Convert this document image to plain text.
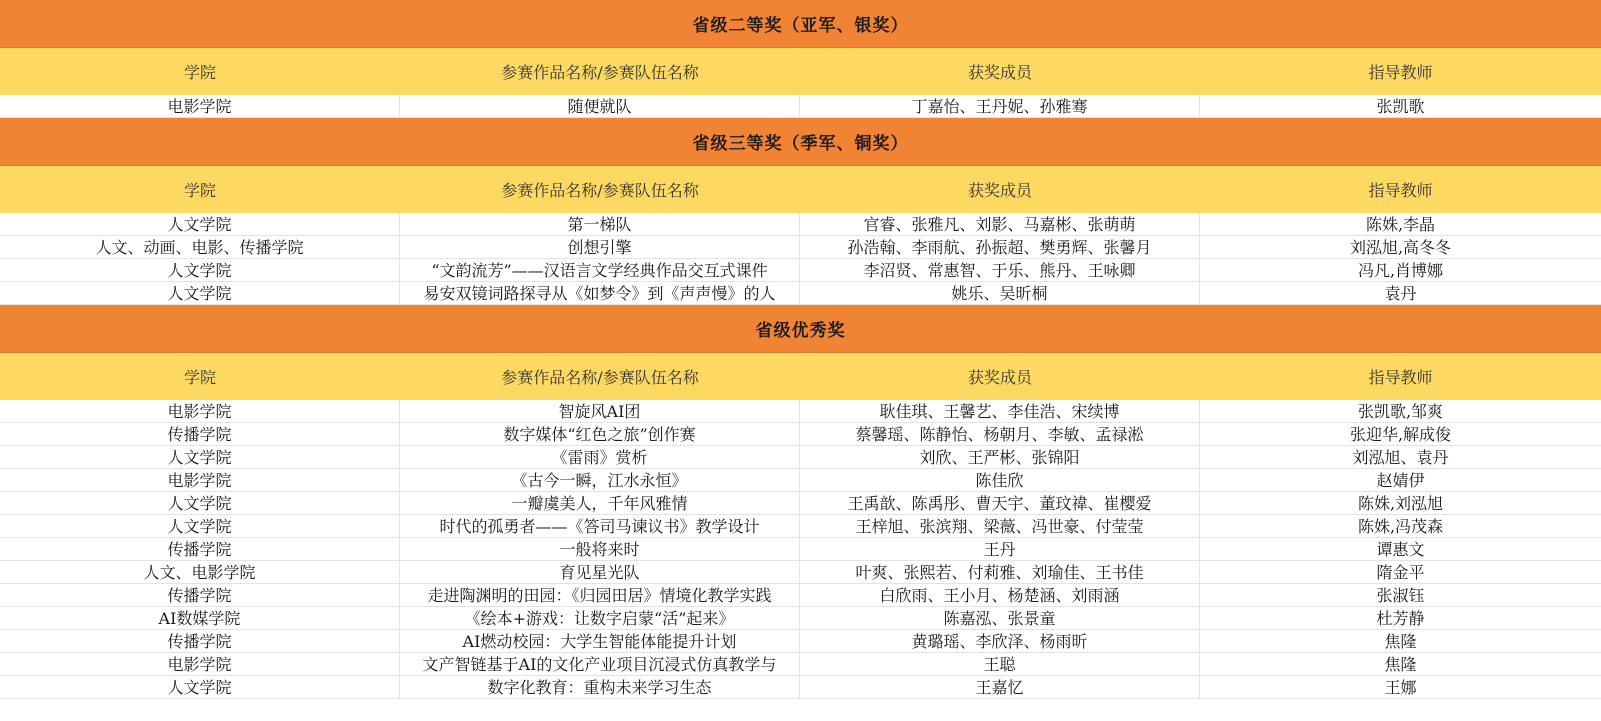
省级二等奖（亚军、银奖）
学院	参赛作品名称/参赛队伍名称	获奖成员	指导教师
电影学院	随便就队	丁嘉怡、王丹妮、孙雅骞	张凯歌
省级三等奖（季军、铜奖）
学院	参赛作品名称/参赛队伍名称	获奖成员	指导教师
人文学院	第一梯队	官睿、张雅凡、刘影、马嘉彬、张萌萌	陈姝,李晶
人文、动画、电影、传播学院	创想引擎	孙浩翰、李雨航、孙振超、樊勇辉、张馨月	刘泓旭,高冬冬
人文学院	“文韵流芳”——汉语言文学经典作品交互式课件	李沼贤、常惠智、于乐、熊丹、王咏卿	冯凡,肖博娜
人文学院	易安双镜词路探寻从《如梦令》到《声声慢》的人	姚乐、吴昕桐	袁丹
省级优秀奖
学院	参赛作品名称/参赛队伍名称	获奖成员	指导教师
电影学院	智旋风AI团	耿佳琪、王馨艺、李佳浩、宋续博	张凯歌,邹爽
传播学院	数字媒体“红色之旅”创作赛	蔡馨瑶、陈静怡、杨朝月、李敏、孟禄淞	张迎华,解成俊
人文学院	《雷雨》赏析	刘欣、王严彬、张锦阳	刘泓旭、袁丹
电影学院	《古今一瞬，江水永恒》	陈佳欣	赵婧伊
人文学院	一瓣虞美人，千年风雅情	王禹歆、陈禹彤、曹天宇、董玟禕、崔樱爱	陈姝,刘泓旭
人文学院	时代的孤勇者——《答司马谏议书》教学设计	王梓旭、张滨翔、梁薇、冯世豪、付莹莹	陈姝,冯茂森
传播学院	一般将来时	王丹	谭惠文
人文、电影学院	育见星光队	叶爽、张熙若、付莉雅、刘瑜佳、王书佳	隋金平
传播学院	走进陶渊明的田园：《归园田居》情境化教学实践	白欣雨、王小月、杨楚涵、刘雨涵	张淑钰
AI数媒学院	《绘本+游戏：让数字启蒙“活”起来》	陈嘉泓、张景童	杜芳静
传播学院	AI燃动校园：大学生智能体能提升计划	黄璐瑶、李欣泽、杨雨昕	焦隆
电影学院	文产智链基于AI的文化产业项目沉浸式仿真教学与	王聪	焦隆
人文学院	数字化教育：重构未来学习生态	王嘉忆	王娜
